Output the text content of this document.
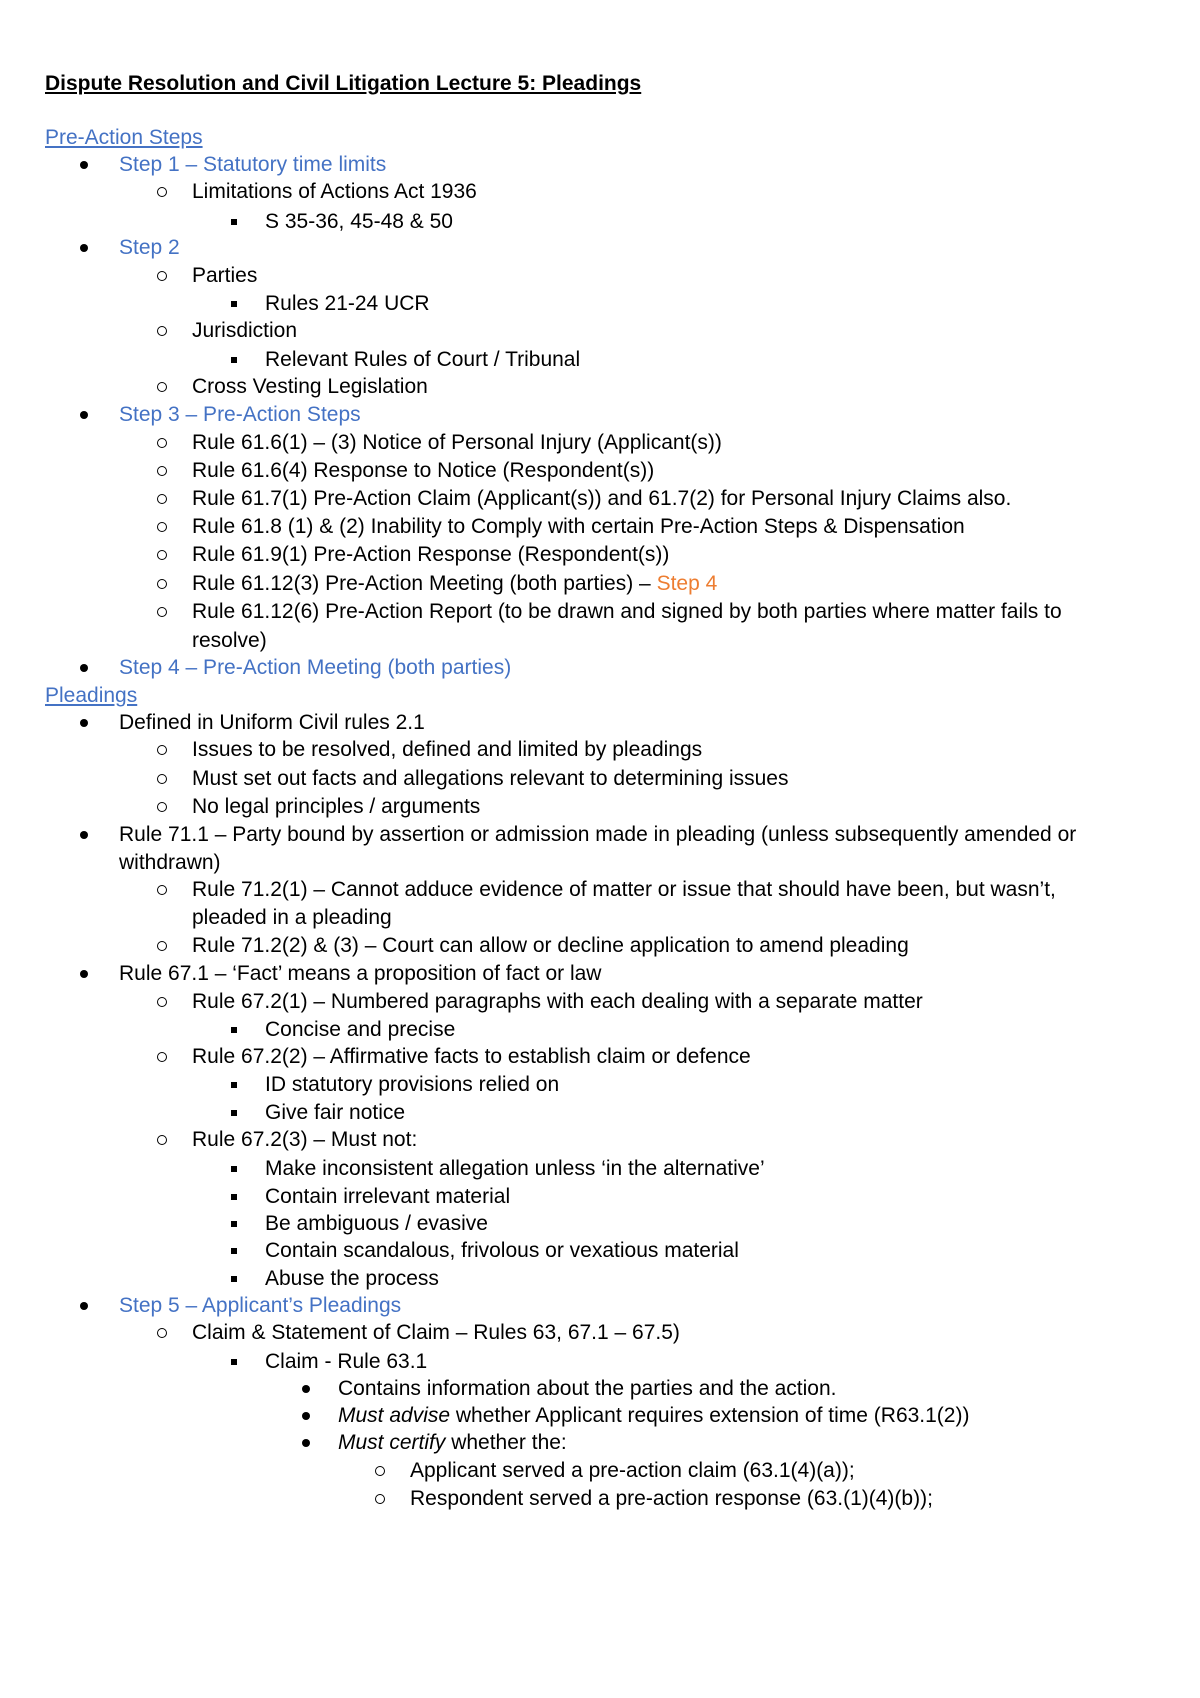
Dispute Resolution and Civil Litigation Lecture 5: Pleadings
Pre-Action Steps
Step 1 – Statutory time limits
Limitations of Actions Act 1936
S 35-36, 45-48 & 50
Step 2
Parties
Rules 21-24 UCR
Jurisdiction
Relevant Rules of Court / Tribunal
Cross Vesting Legislation
Step 3 – Pre-Action Steps
Rule 61.6(1) – (3) Notice of Personal Injury (Applicant(s))
Rule 61.6(4) Response to Notice (Respondent(s))
Rule 61.7(1) Pre-Action Claim (Applicant(s)) and 61.7(2) for Personal Injury Claims also.
Rule 61.8 (1) & (2) Inability to Comply with certain Pre-Action Steps & Dispensation
Rule 61.9(1) Pre-Action Response (Respondent(s))
Rule 61.12(3) Pre-Action Meeting (both parties) – Step 4
Rule 61.12(6) Pre-Action Report (to be drawn and signed by both parties where matter fails to
resolve)
Step 4 – Pre-Action Meeting (both parties)
Pleadings
Defined in Uniform Civil rules 2.1
Issues to be resolved, defined and limited by pleadings
Must set out facts and allegations relevant to determining issues
No legal principles / arguments
Rule 71.1 – Party bound by assertion or admission made in pleading (unless subsequently amended or
withdrawn)
Rule 71.2(1) – Cannot adduce evidence of matter or issue that should have been, but wasn’t,
pleaded in a pleading
Rule 71.2(2) & (3) – Court can allow or decline application to amend pleading
Rule 67.1 – ‘Fact’ means a proposition of fact or law
Rule 67.2(1) – Numbered paragraphs with each dealing with a separate matter
Concise and precise
Rule 67.2(2) – Affirmative facts to establish claim or defence
ID statutory provisions relied on
Give fair notice
Rule 67.2(3) – Must not:
Make inconsistent allegation unless ‘in the alternative’
Contain irrelevant material
Be ambiguous / evasive
Contain scandalous, frivolous or vexatious material
Abuse the process
Step 5 – Applicant’s Pleadings
Claim & Statement of Claim – Rules 63, 67.1 – 67.5)
Claim - Rule 63.1
Contains information about the parties and the action.
Must advise whether Applicant requires extension of time (R63.1(2))
Must certify whether the:
Applicant served a pre-action claim (63.1(4)(a));
Respondent served a pre-action response (63.(1)(4)(b));
